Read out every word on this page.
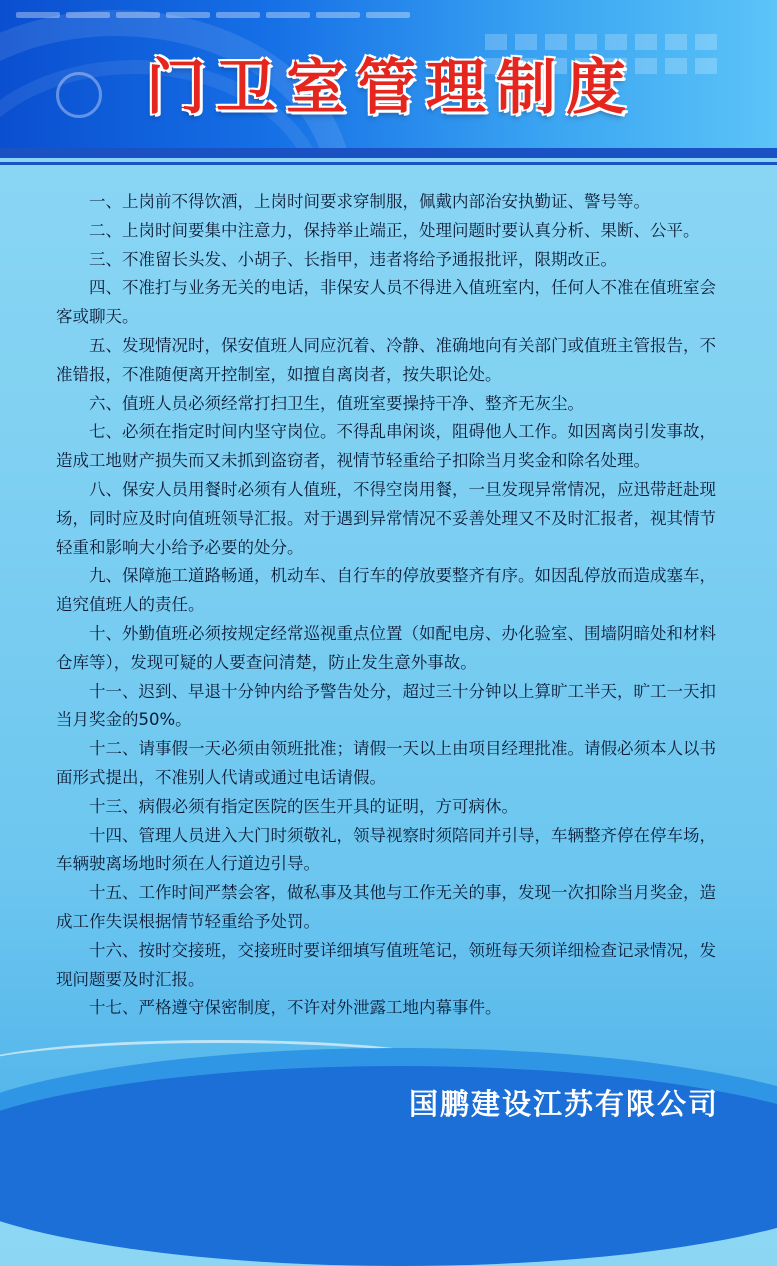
门卫室管理制度

一、上岗前不得饮酒，上岗时间要求穿制服，佩戴内部治安执勤证、警号等。

二、上岗时间要集中注意力，保持举止端正，处理问题时要认真分析、果断、公平。

三、不准留长头发、小胡子、长指甲，违者将给予通报批评，限期改正。

四、不准打与业务无关的电话，非保安人员不得进入值班室内，任何人不准在值班室会客或聊天。

五、发现情况时，保安值班人同应沉着、冷静、准确地向有关部门或值班主管报告，不准错报，不准随便离开控制室，如擅自离岗者，按失职论处。

六、值班人员必须经常打扫卫生，值班室要操持干净、整齐无灰尘。

七、必须在指定时间内坚守岗位。不得乱串闲谈，阻碍他人工作。如因离岗引发事故，造成工地财产损失而又未抓到盗窃者，视情节轻重给子扣除当月奖金和除名处理。

八、保安人员用餐时必须有人值班，不得空岗用餐，一旦发现异常情况，应迅带赶赴现场，同时应及时向值班领导汇报。对于遇到异常情况不妥善处理又不及时汇报者，视其情节轻重和影响大小给予必要的处分。

九、保障施工道路畅通，机动车、自行车的停放要整齐有序。如因乱停放而造成塞车，追究值班人的责任。

十、外勤值班必须按规定经常巡视重点位置（如配电房、办化验室、围墙阴暗处和材料仓库等），发现可疑的人要查问清楚，防止发生意外事故。

十一、迟到、早退十分钟内给予警告处分，超过三十分钟以上算旷工半天，旷工一天扣当月奖金的50%。

十二、请事假一天必须由领班批准；请假一天以上由项目经理批准。请假必须本人以书面形式提出，不准别人代请或通过电话请假。

十三、病假必须有指定医院的医生开具的证明，方可病休。

十四、管理人员进入大门时须敬礼，领导视察时须陪同并引导，车辆整齐停在停车场，车辆驶离场地时须在人行道边引导。

十五、工作时间严禁会客，做私事及其他与工作无关的事，发现一次扣除当月奖金，造成工作失误根据情节轻重给予处罚。

十六、按时交接班，交接班时要详细填写值班笔记，领班每天须详细检查记录情况，发现问题要及时汇报。

十七、严格遵守保密制度，不许对外泄露工地内幕事件。

国鹏建设江苏有限公司
